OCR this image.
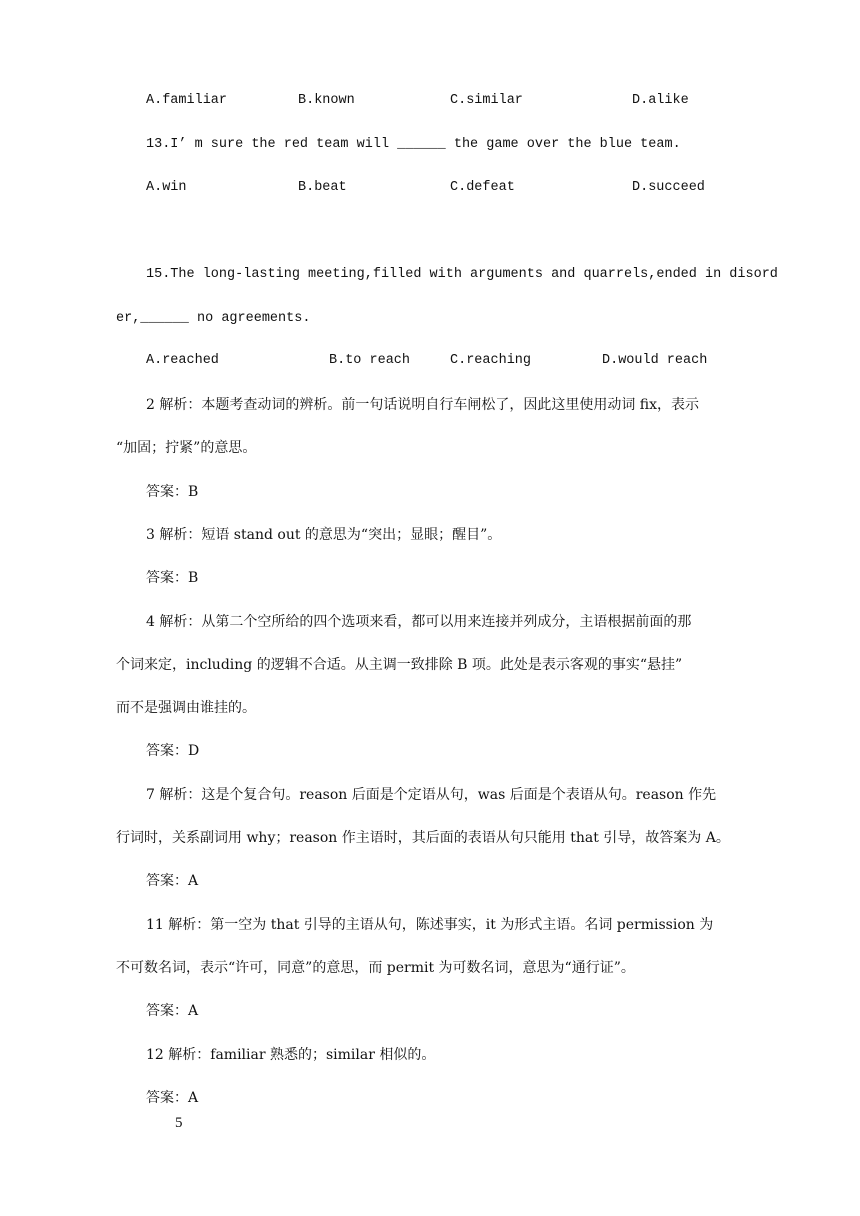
A.familiar	B.known	C.similar	D.alike
13.I’ m sure the red team will ______ the game over the blue team.
A.win	B.beat	C.defeat	D.succeed
15.The long-lasting meeting,filled with arguments and quarrels,ended in disord
er,______ no agreements.
A.reached	B.to reach	C.reaching	D.would reach
2 解析：本题考查动词的辨析。前一句话说明自行车闸松了，因此这里使用动词 fix，表示
“加固；拧紧”的意思。
答案：B
3 解析：短语 stand out 的意思为“突出；显眼；醒目”。
答案：B
4 解析：从第二个空所给的四个选项来看，都可以用来连接并列成分，主语根据前面的那
个词来定，including 的逻辑不合适。从主调一致排除 B 项。此处是表示客观的事实“悬挂”
而不是强调由谁挂的。
答案：D
7 解析：这是个复合句。reason 后面是个定语从句，was 后面是个表语从句。reason 作先
行词时，关系副词用 why；reason 作主语时，其后面的表语从句只能用 that 引导，故答案为 A。
答案：A
11 解析：第一空为 that 引导的主语从句，陈述事实，it 为形式主语。名词 permission 为
不可数名词，表示“许可，同意”的意思，而 permit 为可数名词，意思为“通行证”。
答案：A
12 解析：familiar 熟悉的；similar 相似的。
答案：A
5
